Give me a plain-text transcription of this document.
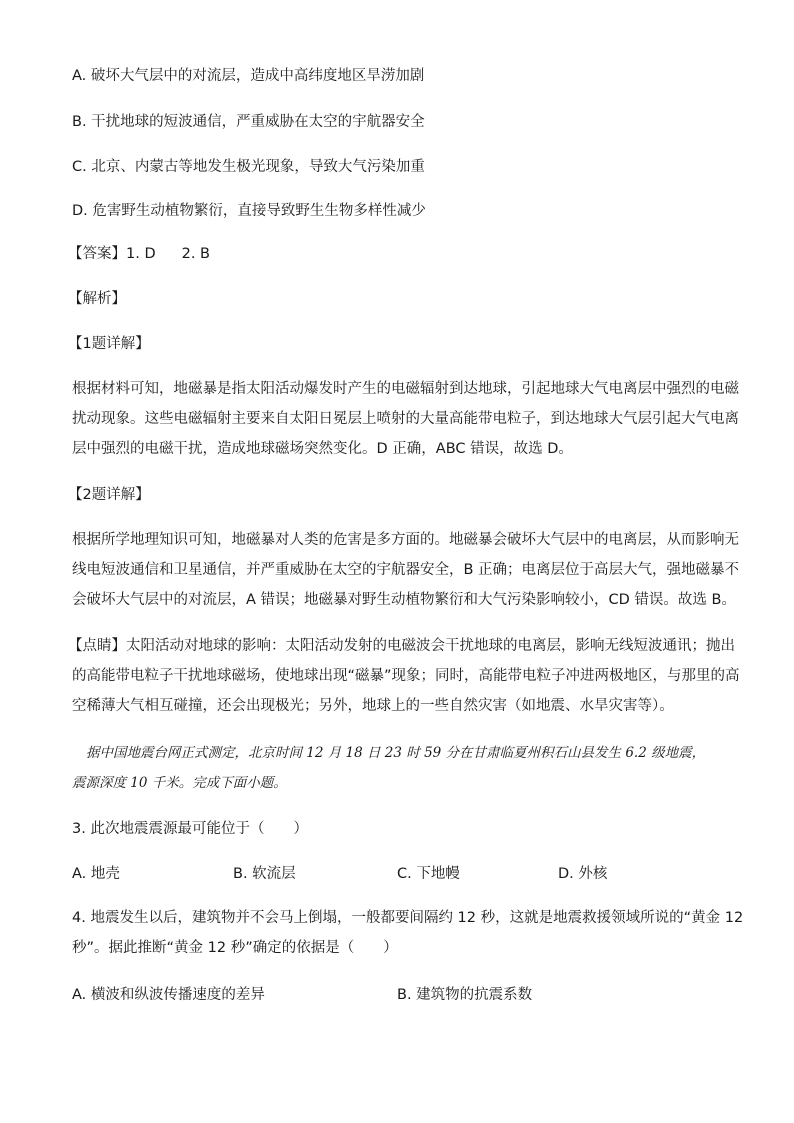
A. 破坏大气层中的对流层，造成中高纬度地区旱涝加剧
B. 干扰地球的短波通信，严重威胁在太空的宇航器安全
C. 北京、内蒙古等地发生极光现象，导致大气污染加重
D. 危害野生动植物繁衍，直接导致野生生物多样性减少
【答案】1. D 2. B
【解析】
【1题详解】
根据材料可知，地磁暴是指太阳活动爆发时产生的电磁辐射到达地球，引起地球大气电离层中强烈的电磁
扰动现象。这些电磁辐射主要来自太阳日冕层上喷射的大量高能带电粒子，到达地球大气层引起大气电离
层中强烈的电磁干扰，造成地球磁场突然变化。D 正确，ABC 错误，故选 D。
【2题详解】
根据所学地理知识可知，地磁暴对人类的危害是多方面的。地磁暴会破坏大气层中的电离层，从而影响无
线电短波通信和卫星通信，并严重威胁在太空的宇航器安全，B 正确；电离层位于高层大气，强地磁暴不
会破坏大气层中的对流层，A 错误；地磁暴对野生动植物繁衍和大气污染影响较小，CD 错误。故选 B。
【点睛】太阳活动对地球的影响：太阳活动发射的电磁波会干扰地球的电离层，影响无线短波通讯；抛出
的高能带电粒子干扰地球磁场，使地球出现“磁暴”现象；同时，高能带电粒子冲进两极地区，与那里的高
空稀薄大气相互碰撞，还会出现极光；另外，地球上的一些自然灾害（如地震、水旱灾害等）。
据中国地震台网正式测定，北京时间 12 月 18 日 23 时 59 分在甘肃临夏州积石山县发生 6.2 级地震，
震源深度 10 千米。完成下面小题。
3. 此次地震震源最可能位于（　　）
A. 地壳	B. 软流层	C. 下地幔	D. 外核
4. 地震发生以后，建筑物并不会马上倒塌，一般都要间隔约 12 秒，这就是地震救援领域所说的“黄金 12
秒”。据此推断“黄金 12 秒”确定的依据是（　　）
A. 横波和纵波传播速度的差异	B. 建筑物的抗震系数
